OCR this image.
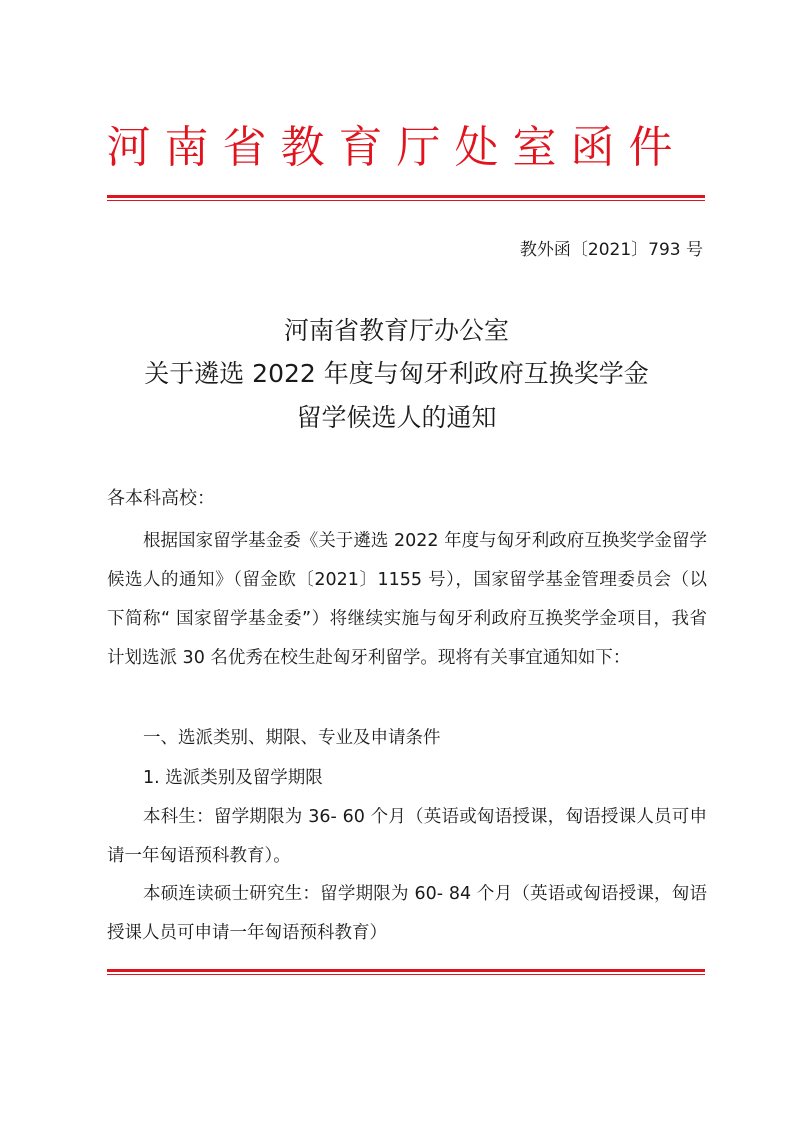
河南省教育厅处室函件
教外函〔2021〕793 号
河南省教育厅办公室
关于遴选 2022 年度与匈牙利政府互换奖学金
留学候选人的通知
各本科高校：

根据国家留学基金委《关于遴选 2022 年度与匈牙利政府互换奖学金留学候选人的通知》（留金欧〔2021〕1155 号），国家留学基金管理委员会（以下简称“ 国家留学基金委”）将继续实施与匈牙利政府互换奖学金项目，我省计划选派 30 名优秀在校生赴匈牙利留学。现将有关事宜通知如下：

一、选派类别、期限、专业及申请条件

1. 选派类别及留学期限

本科生：留学期限为 36- 60 个月（英语或匈语授课，匈语授课人员可申请一年匈语预科教育）。

本硕连读硕士研究生：留学期限为 60- 84 个月（英语或匈语授课，匈语授课人员可申请一年匈语预科教育）
